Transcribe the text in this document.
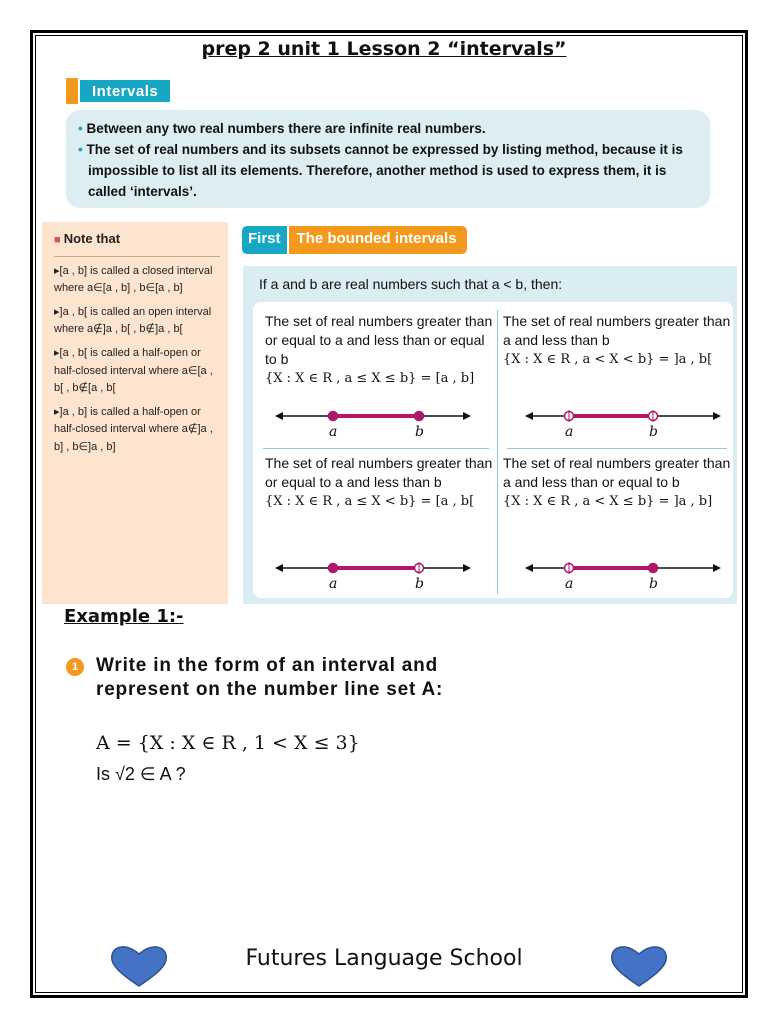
prep 2 unit 1 Lesson 2 “intervals”
Intervals

• Between any two real numbers there are infinite real numbers.

• The set of real numbers and its subsets cannot be expressed by listing method, because it is impossible to list all its elements. Therefore, another method is used to express them, it is called ‘intervals’.

■ Note that
▸[a , b] is called a closed interval where a∈[a , b] , b∈[a , b]
▸]a , b[ is called an open interval where a∉]a , b[ , b∉]a , b[
▸[a , b[ is called a half-open or half-closed interval where a∈[a , b[ , b∉[a , b[
▸]a , b] is called a half-open or half-closed interval where a∉]a , b] , b∈]a , b]
First	The bounded intervals
If a and b are real numbers such that a < b, then:
The set of real numbers greater than or equal to a and less than or equal to b
{X : X ∈ R , a ≤ X ≤ b} = [a , b]
The set of real numbers greater than a and less than b
{X : X ∈ R , a < X < b} = ]a , b[
The set of real numbers greater than or equal to a and less than b
{X : X ∈ R , a ≤ X < b} = [a , b[
The set of real numbers greater than a and less than or equal to b
{X : X ∈ R , a < X ≤ b} = ]a , b]
a	b	a	b
a	b	a	b
Example 1:-
1 Write in the form of an interval and represent on the number line set A:
A = {X : X ∈ R , 1 < X ≤ 3}
Is √2 ∈ A ?
Futures Language School
